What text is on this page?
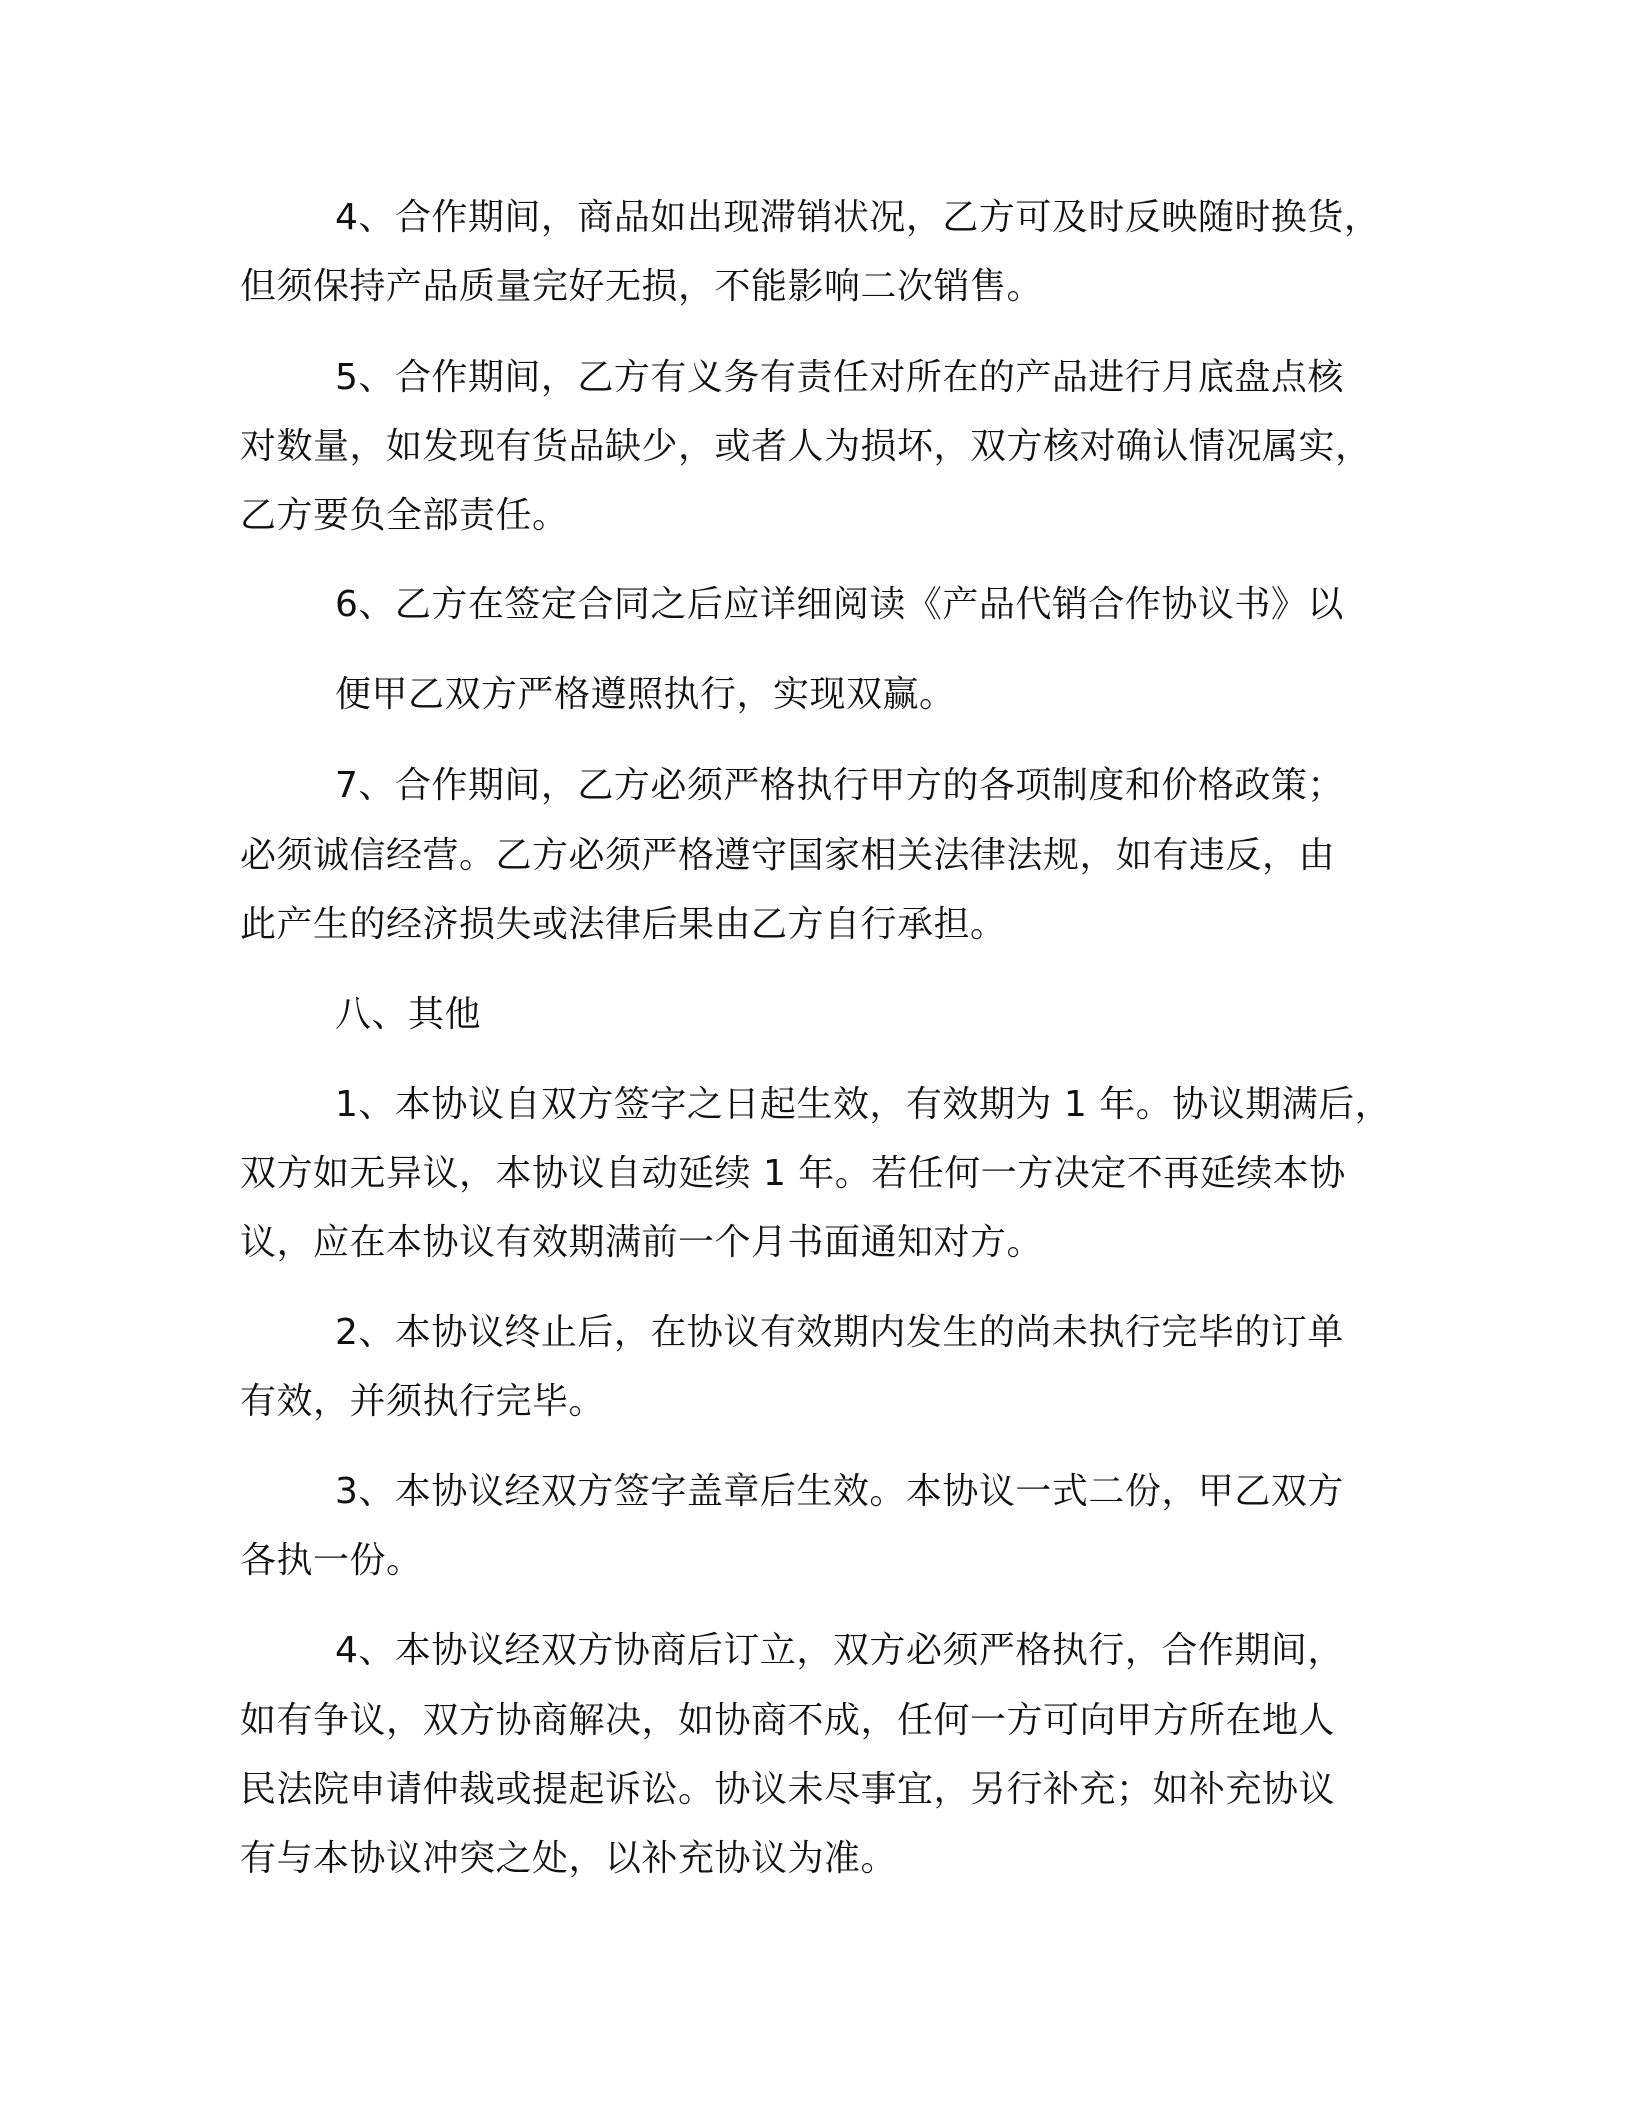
4、合作期间，商品如出现滞销状况，乙方可及时反映随时换货，
但须保持产品质量完好无损，不能影响二次销售。
5、合作期间，乙方有义务有责任对所在的产品进行月底盘点核
对数量，如发现有货品缺少，或者人为损坏，双方核对确认情况属实，
乙方要负全部责任。
6、乙方在签定合同之后应详细阅读《产品代销合作协议书》以
便甲乙双方严格遵照执行，实现双赢。
7、合作期间，乙方必须严格执行甲方的各项制度和价格政策；
必须诚信经营。乙方必须严格遵守国家相关法律法规，如有违反，由
此产生的经济损失或法律后果由乙方自行承担。
八、其他
1、本协议自双方签字之日起生效，有效期为 1 年。协议期满后，
双方如无异议，本协议自动延续 1 年。若任何一方决定不再延续本协
议，应在本协议有效期满前一个月书面通知对方。
2、本协议终止后，在协议有效期内发生的尚未执行完毕的订单
有效，并须执行完毕。
3、本协议经双方签字盖章后生效。本协议一式二份，甲乙双方
各执一份。
4、本协议经双方协商后订立，双方必须严格执行，合作期间，
如有争议，双方协商解决，如协商不成，任何一方可向甲方所在地人
民法院申请仲裁或提起诉讼。协议未尽事宜，另行补充；如补充协议
有与本协议冲突之处，以补充协议为准。
